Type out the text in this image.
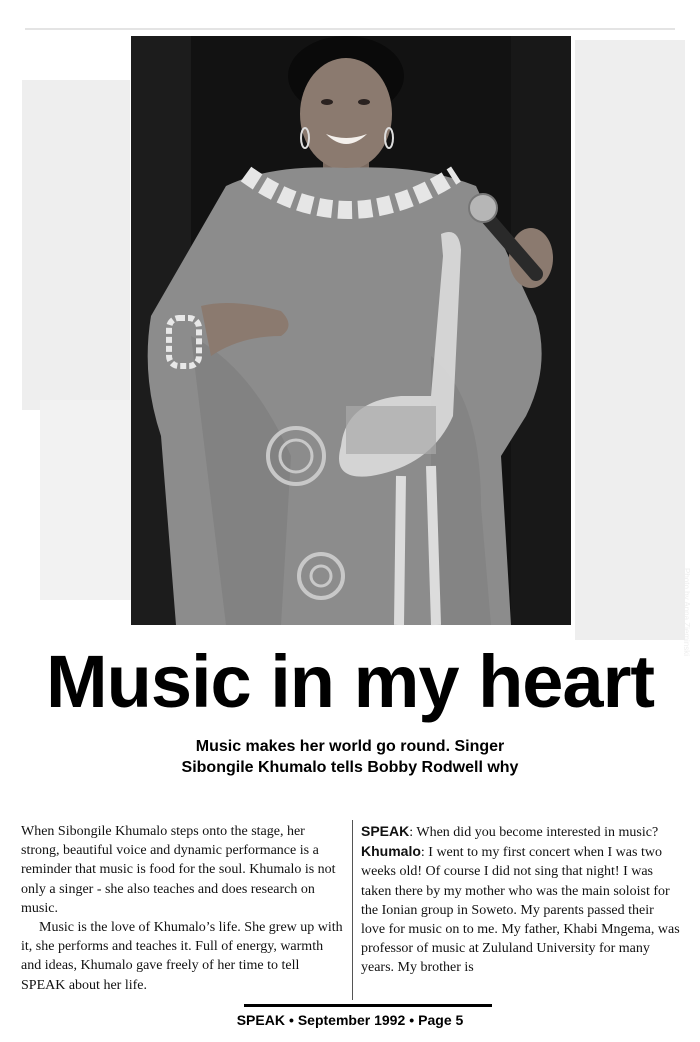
Photo by Anna Zieminski
Music in my heart
Music makes her world go round. Singer
Sibongile Khumalo tells Bobby Rodwell why

When Sibongile Khumalo steps onto the stage, her strong, beautiful voice and dynamic performance is a reminder that music is food for the soul. Khumalo is not only a singer - she also teaches and does research on music.

Music is the love of Khumalo’s life. She grew up with it, she performs and teaches it. Full of energy, warmth and ideas, Khumalo gave freely of her time to tell SPEAK about her life.

SPEAK: When did you become interested in music?

Khumalo: I went to my first concert when I was two weeks old! Of course I did not sing that night! I was taken there by my mother who was the main soloist for the Ionian group in Soweto. My parents passed their love for music on to me. My father, Khabi Mngema, was professor of music at Zululand University for many years. My brother is

SPEAK • September 1992 • Page 5
